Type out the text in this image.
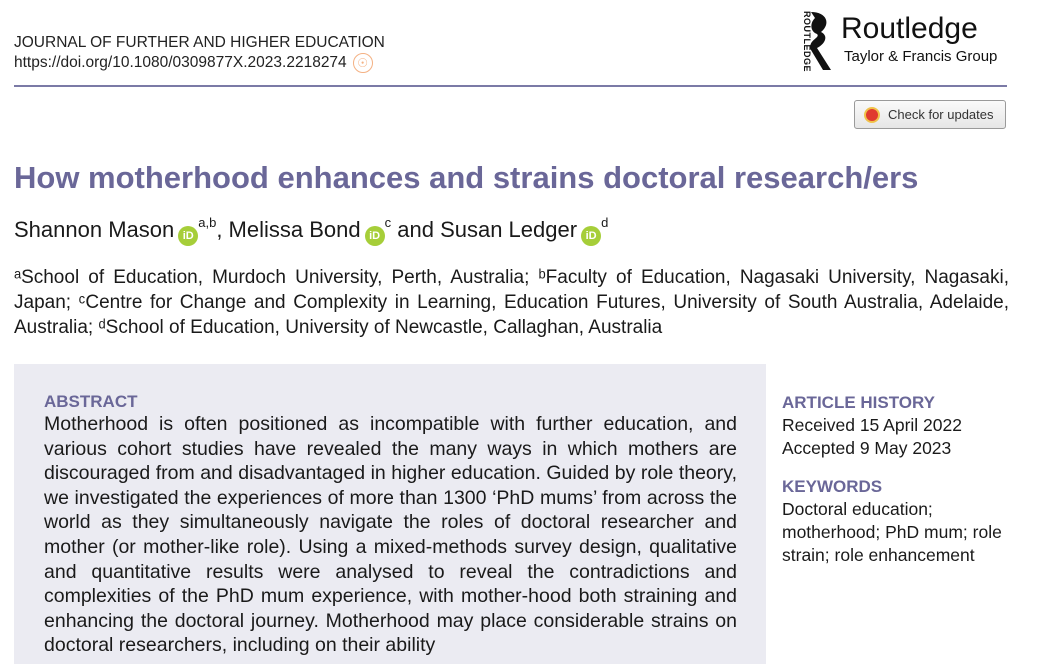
JOURNAL OF FURTHER AND HIGHER EDUCATION
https://doi.org/10.1080/0309877X.2023.2218274 ☉	ROUTLEDGE Routledge
Taylor & Francis Group
Check for updates
How motherhood enhances and strains doctoral research/ers
Shannon Mason iD$^{a,b}$, Melissa Bond $iD^c$ and Susan Ledger $iD^d$
ᵃSchool of Education, Murdoch University, Perth, Australia; ᵇFaculty of Education, Nagasaki University, Nagasaki, Japan; ᶜCentre for Change and Complexity in Learning, Education Futures, University of South Australia, Adelaide, Australia; ᵈSchool of Education, University of Newcastle, Callaghan, Australia
ABSTRACT
Motherhood is often positioned as incompatible with further education, and various cohort studies have revealed the many ways in which mothers are discouraged from and disadvantaged in higher education. Guided by role theory, we investigated the experiences of more than 1300 ‘PhD mums’ from across the world as they simultaneously navigate the roles of doctoral researcher and mother (or mother-like role). Using a mixed-methods survey design, qualitative and quantitative results were analysed to reveal the contradictions and complexities of the PhD mum experience, with mother-hood both straining and enhancing the doctoral journey. Motherhood may place considerable strains on doctoral researchers, including on their ability
ARTICLE HISTORY
Received 15 April 2022
Accepted 9 May 2023
KEYWORDS
Doctoral education; motherhood; PhD mum; role strain; role enhancement
